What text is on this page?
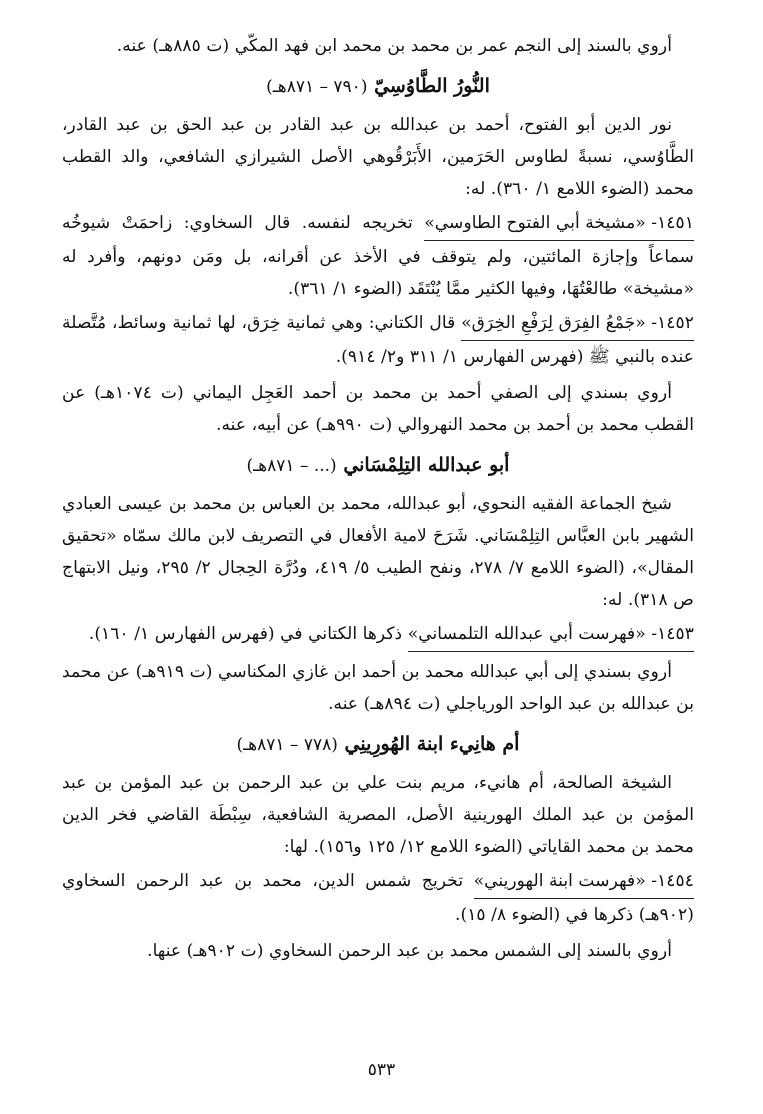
أروي بالسند إلى النجم عمر بن محمد بن محمد ابن فهد المكّي (ت ٨٨٥هـ) عنه.

النُّورُ الطَّاوُسِيّ (٧٩٠ – ٨٧١هـ)

نور الدين أبو الفتوح، أحمد بن عبدالله بن عبد القادر بن عبد الحق بن عبد القادر، الطَّاوُسي، نسبةً لطاوس الحَرَمين، الأَبَرْقُوهي الأصل الشيرازي الشافعي، والد القطب محمد (الضوء اللامع ١/ ٣٦٠). له:

١٤٥١- «مشيخة أبي الفتوح الطاوسي» تخريجه لنفسه. قال السخاوي: زاحمَتْ شيوخُه سماعاً وإجازة المائتين، ولم يتوقف في الأخذ عن أقرانه، بل ومَن دونهم، وأفرد له «مشيخة» طالعْتُهَا، وفيها الكثير ممَّا يُنْتَقَد (الضوء ١/ ٣٦١).

١٤٥٢- «جَمْعُ الفِرَق لِرَفْعِ الخِرَق» قال الكتاني: وهي ثمانية خِرَق، لها ثمانية وسائط، مُتَّصلة عنده بالنبي ﷺ (فهرس الفهارس ١/ ٣١١ و٢/ ٩١٤).

أروي بسندي إلى الصفي أحمد بن محمد بن أحمد العَجِل اليماني (ت ١٠٧٤هـ) عن القطب محمد بن أحمد بن محمد النهروالي (ت ٩٩٠هـ) عن أبيه، عنه.

أبو عبدالله التِلِمْسَاني (... – ٨٧١هـ)

شيخ الجماعة الفقيه النحوي، أبو عبدالله، محمد بن العباس بن محمد بن عيسى العبادي الشهير بابن العبَّاس التِلِمْسَاني. شَرَحَ لامية الأفعال في التصريف لابن مالك سمّاه «تحقيق المقال»، (الضوء اللامع ٧/ ٢٧٨، ونفح الطيب ٥/ ٤١٩، ودُرَّة الحِجال ٢/ ٢٩٥، ونيل الابتهاج ص ٣١٨). له:

١٤٥٣- «فهرست أبي عبدالله التلمساني» ذكرها الكتاني في (فهرس الفهارس ١/ ١٦٠).

أروي بسندي إلى أبي عبدالله محمد بن أحمد ابن غازي المكناسي (ت ٩١٩هـ) عن محمد بن عبدالله بن عبد الواحد الورياجلي (ت ٨٩٤هـ) عنه.

أم هانِيء ابنة الهُورِينِي (٧٧٨ – ٨٧١هـ)

الشيخة الصالحة، أم هانيء، مريم بنت علي بن عبد الرحمن بن عبد المؤمن بن عبد المؤمن بن عبد الملك الهورينية الأصل، المصرية الشافعية، سِبْطَة القاضي فخر الدين محمد بن محمد القاياتي (الضوء اللامع ١٢/ ١٢٥ و١٥٦). لها:

١٤٥٤- «فهرست ابنة الهوريني» تخريج شمس الدين، محمد بن عبد الرحمن السخاوي (٩٠٢هـ) ذكرها في (الضوء ٨/ ١٥).

أروي بالسند إلى الشمس محمد بن عبد الرحمن السخاوي (ت ٩٠٢هـ) عنها.

٥٣٣
